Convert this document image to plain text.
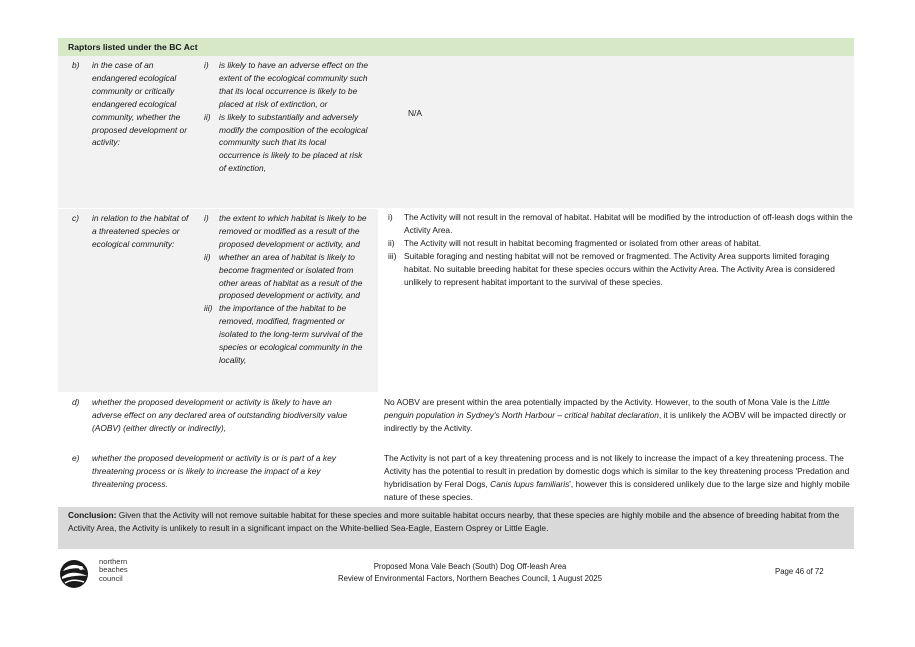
Raptors listed under the BC Act
b)	in the case of an endangered ecological community or critically endangered ecological community, whether the proposed development or activity:
i)	is likely to have an adverse effect on the extent of the ecological community such that its local occurrence is likely to be placed at risk of extinction, or
ii)	is likely to substantially and adversely modify the composition of the ecological community such that its local occurrence is likely to be placed at risk of extinction,
N/A
c)	in relation to the habitat of a threatened species or ecological community:
i)	the extent to which habitat is likely to be removed or modified as a result of the proposed development or activity, and
ii)	whether an area of habitat is likely to become fragmented or isolated from other areas of habitat as a result of the proposed development or activity, and
iii) the importance of the habitat to be removed, modified, fragmented or isolated to the long-term survival of the species or ecological community in the locality,
i)	The Activity will not result in the removal of habitat. Habitat will be modified by the introduction of off-leash dogs within the Activity Area.
ii)	The Activity will not result in habitat becoming fragmented or isolated from other areas of habitat.
iii) Suitable foraging and nesting habitat will not be removed or fragmented. The Activity Area supports limited foraging habitat. No suitable breeding habitat for these species occurs within the Activity Area. The Activity Area is considered unlikely to represent habitat important to the survival of these species.
d)	whether the proposed development or activity is likely to have an adverse effect on any declared area of outstanding biodiversity value (AOBV) (either directly or indirectly),
No AOBV are present within the area potentially impacted by the Activity. However, to the south of Mona Vale is the Little penguin population in Sydney's North Harbour – critical habitat declaration, it is unlikely the AOBV will be impacted directly or indirectly by the Activity.
e)	whether the proposed development or activity is or is part of a key threatening process or is likely to increase the impact of a key threatening process.
The Activity is not part of a key threatening process and is not likely to increase the impact of a key threatening process. The Activity has the potential to result in predation by domestic dogs which is similar to the key threatening process 'Predation and hybridisation by Feral Dogs, Canis lupus familiaris', however this is considered unlikely due to the large size and highly mobile nature of these species.
Conclusion: Given that the Activity will not remove suitable habitat for these species and more suitable habitat occurs nearby, that these species are highly mobile and the absence of breeding habitat from the Activity Area, the Activity is unlikely to result in a significant impact on the White-bellied Sea-Eagle, Eastern Osprey or Little Eagle.
northern
beaches
council
Proposed Mona Vale Beach (South) Dog Off-leash Area
Review of Environmental Factors, Northern Beaches Council, 1 August 2025
Page 46 of 72
